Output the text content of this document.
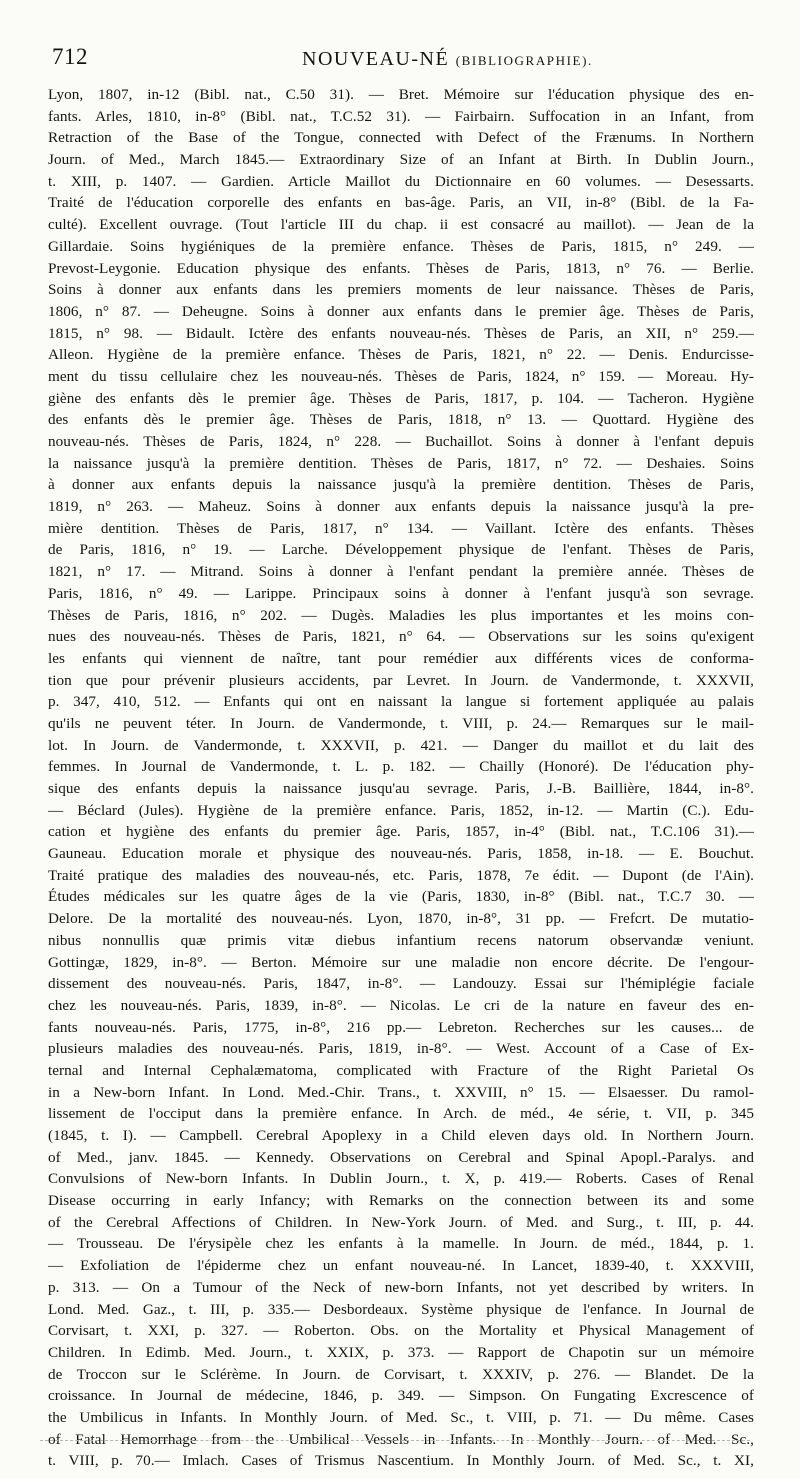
712	NOUVEAU-NÉ (BIBLIOGRAPHIE).
Lyon, 1807, in-12 (Bibl. nat., C.50 31). — Bret. Mémoire sur l'éducation physique des en-
fants. Arles, 1810, in-8° (Bibl. nat., T.C.52 31). — Fairbairn. Suffocation in an Infant, from
Retraction of the Base of the Tongue, connected with Defect of the Frænums. In Northern
Journ. of Med., March 1845.— Extraordinary Size of an Infant at Birth. In Dublin Journ.,
t. XIII, p. 1407. — Gardien. Article Maillot du Dictionnaire en 60 volumes. — Desessarts.
Traité de l'éducation corporelle des enfants en bas-âge. Paris, an VII, in-8° (Bibl. de la Fa-
culté). Excellent ouvrage. (Tout l'article III du chap. ii est consacré au maillot). — Jean de la
Gillardaie. Soins hygiéniques de la première enfance. Thèses de Paris, 1815, n° 249. —
Prevost-Leygonie. Education physique des enfants. Thèses de Paris, 1813, n° 76. — Berlie.
Soins à donner aux enfants dans les premiers moments de leur naissance. Thèses de Paris,
1806, n° 87. — Deheugne. Soins à donner aux enfants dans le premier âge. Thèses de Paris,
1815, n° 98. — Bidault. Ictère des enfants nouveau-nés. Thèses de Paris, an XII, n° 259.—
Alleon. Hygiène de la première enfance. Thèses de Paris, 1821, n° 22. — Denis. Endurcisse-
ment du tissu cellulaire chez les nouveau-nés. Thèses de Paris, 1824, n° 159. — Moreau. Hy-
giène des enfants dès le premier âge. Thèses de Paris, 1817, p. 104. — Tacheron. Hygiène
des enfants dès le premier âge. Thèses de Paris, 1818, n° 13. — Quottard. Hygiène des
nouveau-nés. Thèses de Paris, 1824, n° 228. — Buchaillot. Soins à donner à l'enfant depuis
la naissance jusqu'à la première dentition. Thèses de Paris, 1817, n° 72. — Deshaies. Soins
à donner aux enfants depuis la naissance jusqu'à la première dentition. Thèses de Paris,
1819, n° 263. — Maheuz. Soins à donner aux enfants depuis la naissance jusqu'à la pre-
mière dentition. Thèses de Paris, 1817, n° 134. — Vaillant. Ictère des enfants. Thèses
de Paris, 1816, n° 19. — Larche. Développement physique de l'enfant. Thèses de Paris,
1821, n° 17. — Mitrand. Soins à donner à l'enfant pendant la première année. Thèses de
Paris, 1816, n° 49. — Larippe. Principaux soins à donner à l'enfant jusqu'à son sevrage.
Thèses de Paris, 1816, n° 202. — Dugès. Maladies les plus importantes et les moins con-
nues des nouveau-nés. Thèses de Paris, 1821, n° 64. — Observations sur les soins qu'exigent
les enfants qui viennent de naître, tant pour remédier aux différents vices de conforma-
tion que pour prévenir plusieurs accidents, par Levret. In Journ. de Vandermonde, t. XXXVII,
p. 347, 410, 512. — Enfants qui ont en naissant la langue si fortement appliquée au palais
qu'ils ne peuvent téter. In Journ. de Vandermonde, t. VIII, p. 24.— Remarques sur le mail-
lot. In Journ. de Vandermonde, t. XXXVII, p. 421. — Danger du maillot et du lait des
femmes. In Journal de Vandermonde, t. L. p. 182. — Chailly (Honoré). De l'éducation phy-
sique des enfants depuis la naissance jusqu'au sevrage. Paris, J.-B. Baillière, 1844, in-8°.
— Béclard (Jules). Hygiène de la première enfance. Paris, 1852, in-12. — Martin (C.). Edu-
cation et hygiène des enfants du premier âge. Paris, 1857, in-4° (Bibl. nat., T.C.106 31).—
Gauneau. Education morale et physique des nouveau-nés. Paris, 1858, in-18. — E. Bouchut.
Traité pratique des maladies des nouveau-nés, etc. Paris, 1878, 7e édit. — Dupont (de l'Ain).
Études médicales sur les quatre âges de la vie (Paris, 1830, in-8° (Bibl. nat., T.C.7 30. —
Delore. De la mortalité des nouveau-nés. Lyon, 1870, in-8°, 31 pp. — Frefcrt. De mutatio-
nibus nonnullis quæ primis vitæ diebus infantium recens natorum observandæ veniunt.
Gottingæ, 1829, in-8°. — Berton. Mémoire sur une maladie non encore décrite. De l'engour-
dissement des nouveau-nés. Paris, 1847, in-8°. — Landouzy. Essai sur l'hémiplégie faciale
chez les nouveau-nés. Paris, 1839, in-8°. — Nicolas. Le cri de la nature en faveur des en-
fants nouveau-nés. Paris, 1775, in-8°, 216 pp.— Lebreton. Recherches sur les causes... de
plusieurs maladies des nouveau-nés. Paris, 1819, in-8°. — West. Account of a Case of Ex-
ternal and Internal Cephalæmatoma, complicated with Fracture of the Right Parietal Os
in a New-born Infant. In Lond. Med.-Chir. Trans., t. XXVIII, n° 15. — Elsaesser. Du ramol-
lissement de l'occiput dans la première enfance. In Arch. de méd., 4e série, t. VII, p. 345
(1845, t. I). — Campbell. Cerebral Apoplexy in a Child eleven days old. In Northern Journ.
of Med., janv. 1845. — Kennedy. Observations on Cerebral and Spinal Apopl.-Paralys. and
Convulsions of New-born Infants. In Dublin Journ., t. X, p. 419.— Roberts. Cases of Renal
Disease occurring in early Infancy; with Remarks on the connection between its and some
of the Cerebral Affections of Children. In New-York Journ. of Med. and Surg., t. III, p. 44.
— Trousseau. De l'érysipèle chez les enfants à la mamelle. In Journ. de méd., 1844, p. 1.
— Exfoliation de l'épiderme chez un enfant nouveau-né. In Lancet, 1839-40, t. XXXVIII,
p. 313. — On a Tumour of the Neck of new-born Infants, not yet described by writers. In
Lond. Med. Gaz., t. III, p. 335.— Desbordeaux. Système physique de l'enfance. In Journal de
Corvisart, t. XXI, p. 327. — Roberton. Obs. on the Mortality et Physical Management of
Children. In Edimb. Med. Journ., t. XXIX, p. 373. — Rapport de Chapotin sur un mémoire
de Troccon sur le Sclérème. In Journ. de Corvisart, t. XXXIV, p. 276. — Blandet. De la
croissance. In Journal de médecine, 1846, p. 349. — Simpson. On Fungating Excrescence of
the Umbilicus in Infants. In Monthly Journ. of Med. Sc., t. VIII, p. 71. — Du même. Cases
of Fatal Hemorrhage from the Umbilical Vessels in Infants. In Monthly Journ. of Med. Sc.,
t. VIII, p. 70.— Imlach. Cases of Trismus Nascentium. In Monthly Journ. of Med. Sc., t. XI,
